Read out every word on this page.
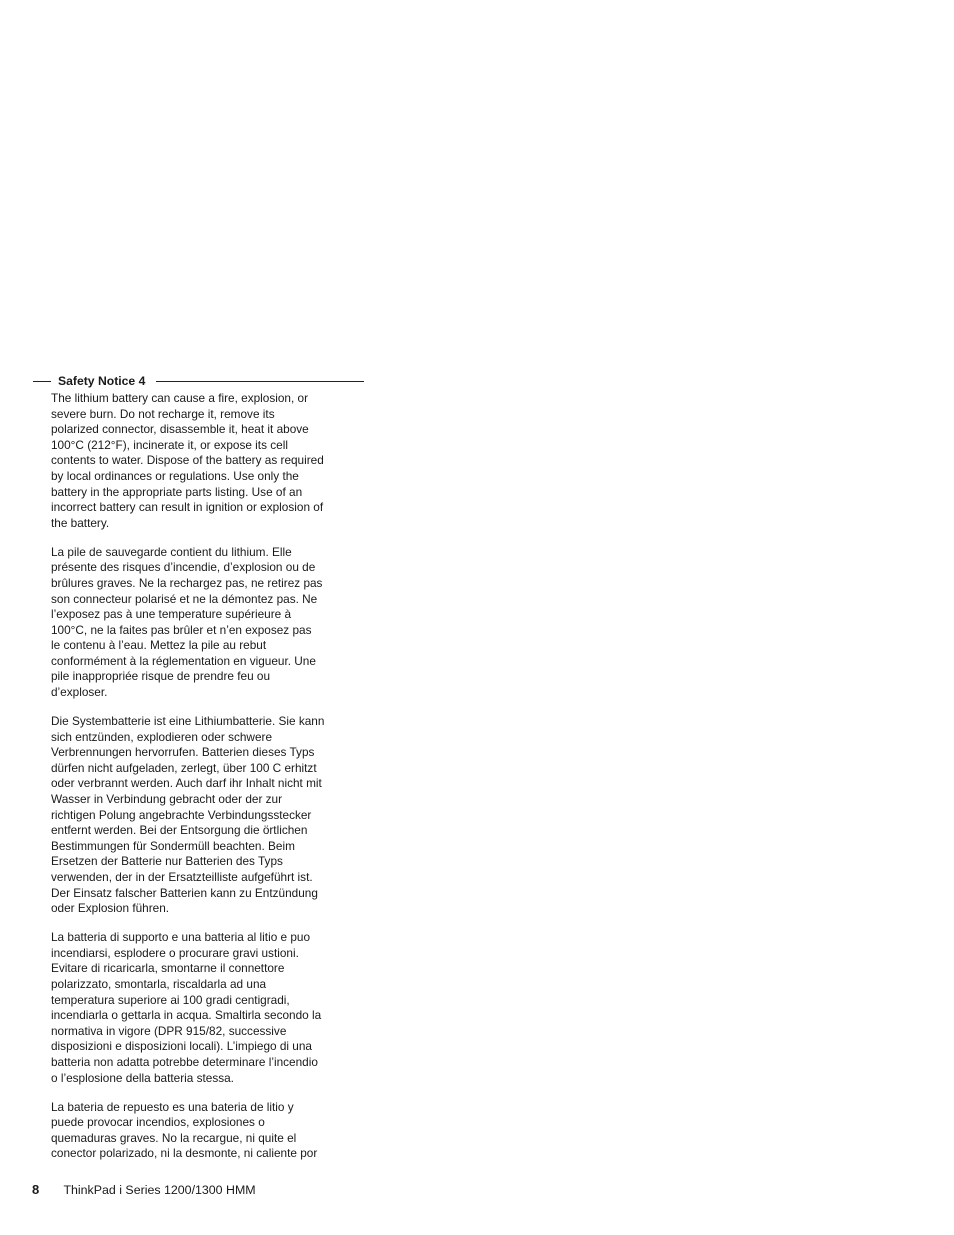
Safety Notice 4

The lithium battery can cause a fire, explosion, or
severe burn. Do not recharge it, remove its
polarized connector, disassemble it, heat it above
100°C (212°F), incinerate it, or expose its cell
contents to water. Dispose of the battery as required
by local ordinances or regulations. Use only the
battery in the appropriate parts listing. Use of an
incorrect battery can result in ignition or explosion of
the battery.

La pile de sauvegarde contient du lithium. Elle
présente des risques d’incendie, d’explosion ou de
brûlures graves. Ne la rechargez pas, ne retirez pas
son connecteur polarisé et ne la démontez pas. Ne
l’exposez pas à une temperature supérieure à
100°C, ne la faites pas brûler et n’en exposez pas
le contenu à l’eau. Mettez la pile au rebut
conformément à la réglementation en vigueur. Une
pile inappropriée risque de prendre feu ou
d’exploser.

Die Systembatterie ist eine Lithiumbatterie. Sie kann
sich entzünden, explodieren oder schwere
Verbrennungen hervorrufen. Batterien dieses Typs
dürfen nicht aufgeladen, zerlegt, über 100 C erhitzt
oder verbrannt werden. Auch darf ihr Inhalt nicht mit
Wasser in Verbindung gebracht oder der zur
richtigen Polung angebrachte Verbindungsstecker
entfernt werden. Bei der Entsorgung die örtlichen
Bestimmungen für Sondermüll beachten. Beim
Ersetzen der Batterie nur Batterien des Typs
verwenden, der in der Ersatzteilliste aufgeführt ist.
Der Einsatz falscher Batterien kann zu Entzündung
oder Explosion führen.

La batteria di supporto e una batteria al litio e puo
incendiarsi, esplodere o procurare gravi ustioni.
Evitare di ricaricarla, smontarne il connettore
polarizzato, smontarla, riscaldarla ad una
temperatura superiore ai 100 gradi centigradi,
incendiarla o gettarla in acqua. Smaltirla secondo la
normativa in vigore (DPR 915/82, successive
disposizioni e disposizioni locali). L’impiego di una
batteria non adatta potrebbe determinare l’incendio
o l’esplosione della batteria stessa.

La bateria de repuesto es una bateria de litio y
puede provocar incendios, explosiones o
quemaduras graves. No la recargue, ni quite el
conector polarizado, ni la desmonte, ni caliente por

8 ThinkPad i Series 1200/1300 HMM
